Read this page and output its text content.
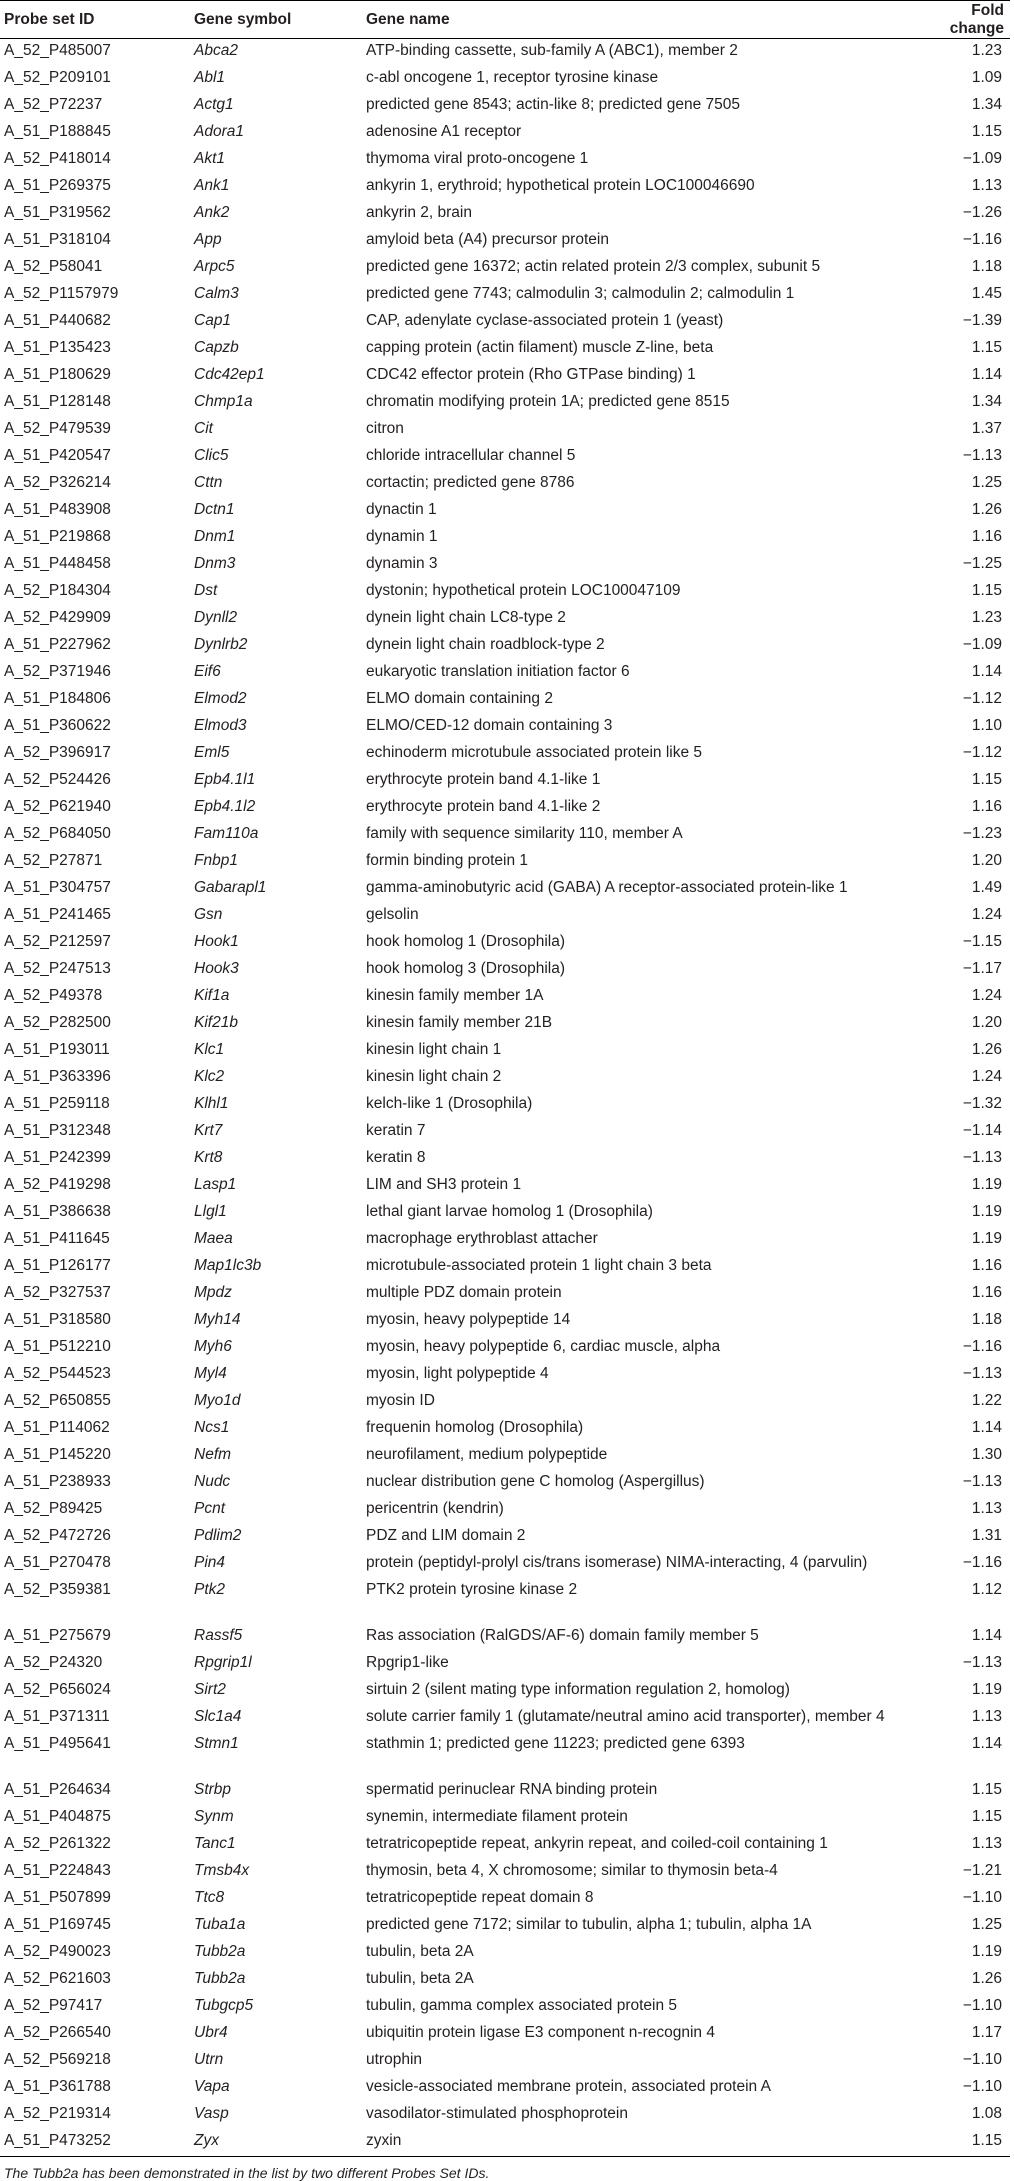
Probe set ID	Gene symbol	Gene name	Fold change
A_52_P485007	Abca2	ATP-binding cassette, sub-family A (ABC1), member 2	1.23
A_52_P209101	Abl1	c-abl oncogene 1, receptor tyrosine kinase	1.09
A_52_P72237	Actg1	predicted gene 8543; actin-like 8; predicted gene 7505	1.34
A_51_P188845	Adora1	adenosine A1 receptor	1.15
A_52_P418014	Akt1	thymoma viral proto-oncogene 1	−1.09
A_51_P269375	Ank1	ankyrin 1, erythroid; hypothetical protein LOC100046690	1.13
A_51_P319562	Ank2	ankyrin 2, brain	−1.26
A_51_P318104	App	amyloid beta (A4) precursor protein	−1.16
A_52_P58041	Arpc5	predicted gene 16372; actin related protein 2/3 complex, subunit 5	1.18
A_52_P1157979	Calm3	predicted gene 7743; calmodulin 3; calmodulin 2; calmodulin 1	1.45
A_51_P440682	Cap1	CAP, adenylate cyclase-associated protein 1 (yeast)	−1.39
A_51_P135423	Capzb	capping protein (actin filament) muscle Z-line, beta	1.15
A_51_P180629	Cdc42ep1	CDC42 effector protein (Rho GTPase binding) 1	1.14
A_51_P128148	Chmp1a	chromatin modifying protein 1A; predicted gene 8515	1.34
A_52_P479539	Cit	citron	1.37
A_51_P420547	Clic5	chloride intracellular channel 5	−1.13
A_52_P326214	Cttn	cortactin; predicted gene 8786	1.25
A_51_P483908	Dctn1	dynactin 1	1.26
A_51_P219868	Dnm1	dynamin 1	1.16
A_51_P448458	Dnm3	dynamin 3	−1.25
A_52_P184304	Dst	dystonin; hypothetical protein LOC100047109	1.15
A_52_P429909	Dynll2	dynein light chain LC8-type 2	1.23
A_51_P227962	Dynlrb2	dynein light chain roadblock-type 2	−1.09
A_52_P371946	Eif6	eukaryotic translation initiation factor 6	1.14
A_51_P184806	Elmod2	ELMO domain containing 2	−1.12
A_51_P360622	Elmod3	ELMO/CED-12 domain containing 3	1.10
A_52_P396917	Eml5	echinoderm microtubule associated protein like 5	−1.12
A_52_P524426	Epb4.1l1	erythrocyte protein band 4.1-like 1	1.15
A_52_P621940	Epb4.1l2	erythrocyte protein band 4.1-like 2	1.16
A_52_P684050	Fam110a	family with sequence similarity 110, member A	−1.23
A_52_P27871	Fnbp1	formin binding protein 1	1.20
A_51_P304757	Gabarapl1	gamma-aminobutyric acid (GABA) A receptor-associated protein-like 1	1.49
A_51_P241465	Gsn	gelsolin	1.24
A_52_P212597	Hook1	hook homolog 1 (Drosophila)	−1.15
A_52_P247513	Hook3	hook homolog 3 (Drosophila)	−1.17
A_52_P49378	Kif1a	kinesin family member 1A	1.24
A_52_P282500	Kif21b	kinesin family member 21B	1.20
A_51_P193011	Klc1	kinesin light chain 1	1.26
A_51_P363396	Klc2	kinesin light chain 2	1.24
A_51_P259118	Klhl1	kelch-like 1 (Drosophila)	−1.32
A_51_P312348	Krt7	keratin 7	−1.14
A_51_P242399	Krt8	keratin 8	−1.13
A_52_P419298	Lasp1	LIM and SH3 protein 1	1.19
A_51_P386638	Llgl1	lethal giant larvae homolog 1 (Drosophila)	1.19
A_51_P411645	Maea	macrophage erythroblast attacher	1.19
A_51_P126177	Map1lc3b	microtubule-associated protein 1 light chain 3 beta	1.16
A_52_P327537	Mpdz	multiple PDZ domain protein	1.16
A_51_P318580	Myh14	myosin, heavy polypeptide 14	1.18
A_51_P512210	Myh6	myosin, heavy polypeptide 6, cardiac muscle, alpha	−1.16
A_52_P544523	Myl4	myosin, light polypeptide 4	−1.13
A_52_P650855	Myo1d	myosin ID	1.22
A_51_P114062	Ncs1	frequenin homolog (Drosophila)	1.14
A_51_P145220	Nefm	neurofilament, medium polypeptide	1.30
A_51_P238933	Nudc	nuclear distribution gene C homolog (Aspergillus)	−1.13
A_52_P89425	Pcnt	pericentrin (kendrin)	1.13
A_52_P472726	Pdlim2	PDZ and LIM domain 2	1.31
A_51_P270478	Pin4	protein (peptidyl-prolyl cis/trans isomerase) NIMA-interacting, 4 (parvulin)	−1.16
A_52_P359381	Ptk2	PTK2 protein tyrosine kinase 2	1.12
A_51_P275679	Rassf5	Ras association (RalGDS/AF-6) domain family member 5	1.14
A_52_P24320	Rpgrip1l	Rpgrip1-like	−1.13
A_52_P656024	Sirt2	sirtuin 2 (silent mating type information regulation 2, homolog)	1.19
A_51_P371311	Slc1a4	solute carrier family 1 (glutamate/neutral amino acid transporter), member 4	1.13
A_51_P495641	Stmn1	stathmin 1; predicted gene 11223; predicted gene 6393	1.14
A_51_P264634	Strbp	spermatid perinuclear RNA binding protein	1.15
A_51_P404875	Synm	synemin, intermediate filament protein	1.15
A_52_P261322	Tanc1	tetratricopeptide repeat, ankyrin repeat, and coiled-coil containing 1	1.13
A_51_P224843	Tmsb4x	thymosin, beta 4, X chromosome; similar to thymosin beta-4	−1.21
A_51_P507899	Ttc8	tetratricopeptide repeat domain 8	−1.10
A_51_P169745	Tuba1a	predicted gene 7172; similar to tubulin, alpha 1; tubulin, alpha 1A	1.25
A_52_P490023	Tubb2a	tubulin, beta 2A	1.19
A_52_P621603	Tubb2a	tubulin, beta 2A	1.26
A_52_P97417	Tubgcp5	tubulin, gamma complex associated protein 5	−1.10
A_52_P266540	Ubr4	ubiquitin protein ligase E3 component n-recognin 4	1.17
A_52_P569218	Utrn	utrophin	−1.10
A_51_P361788	Vapa	vesicle-associated membrane protein, associated protein A	−1.10
A_52_P219314	Vasp	vasodilator-stimulated phosphoprotein	1.08
A_51_P473252	Zyx	zyxin	1.15
The Tubb2a has been demonstrated in the list by two different Probes Set IDs.
